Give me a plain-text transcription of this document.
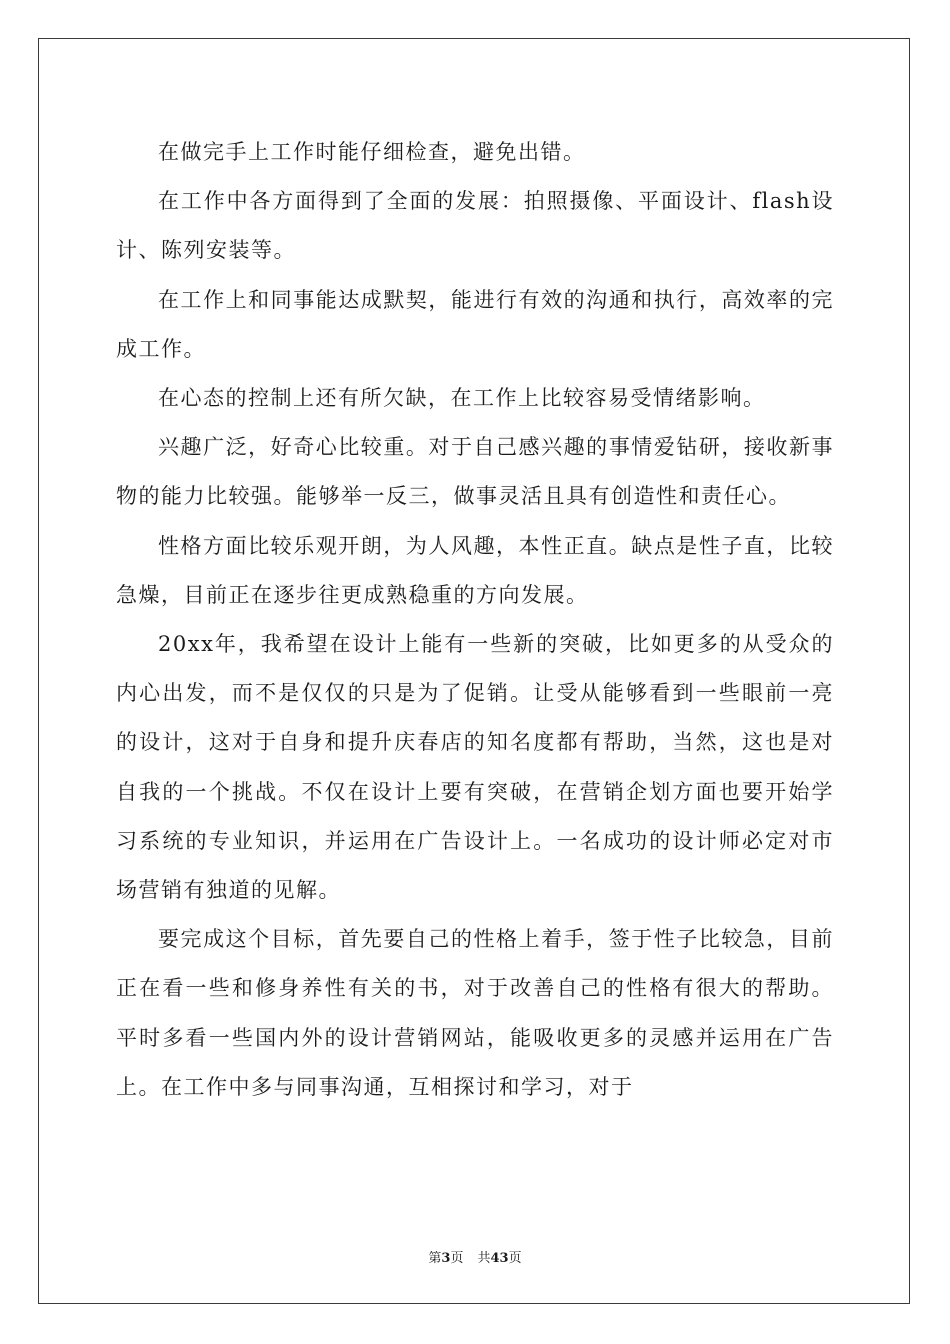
在做完手上工作时能仔细检查，避免出错。

在工作中各方面得到了全面的发展：拍照摄像、平面设计、flash设计、陈列安装等。

在工作上和同事能达成默契，能进行有效的沟通和执行，高效率的完成工作。

在心态的控制上还有所欠缺，在工作上比较容易受情绪影响。

兴趣广泛，好奇心比较重。对于自己感兴趣的事情爱钻研，接收新事物的能力比较强。能够举一反三，做事灵活且具有创造性和责任心。

性格方面比较乐观开朗，为人风趣，本性正直。缺点是性子直，比较急燥，目前正在逐步往更成熟稳重的方向发展。

20xx年，我希望在设计上能有一些新的突破，比如更多的从受众的内心出发，而不是仅仅的只是为了促销。让受从能够看到一些眼前一亮的设计，这对于自身和提升庆春店的知名度都有帮助，当然，这也是对自我的一个挑战。不仅在设计上要有突破，在营销企划方面也要开始学习系统的专业知识，并运用在广告设计上。一名成功的设计师必定对市场营销有独道的见解。

要完成这个目标，首先要自己的性格上着手，签于性子比较急，目前正在看一些和修身养性有关的书，对于改善自己的性格有很大的帮助。平时多看一些国内外的设计营销网站，能吸收更多的灵感并运用在广告上。在工作中多与同事沟通，互相探讨和学习，对于

第3页 共43页
